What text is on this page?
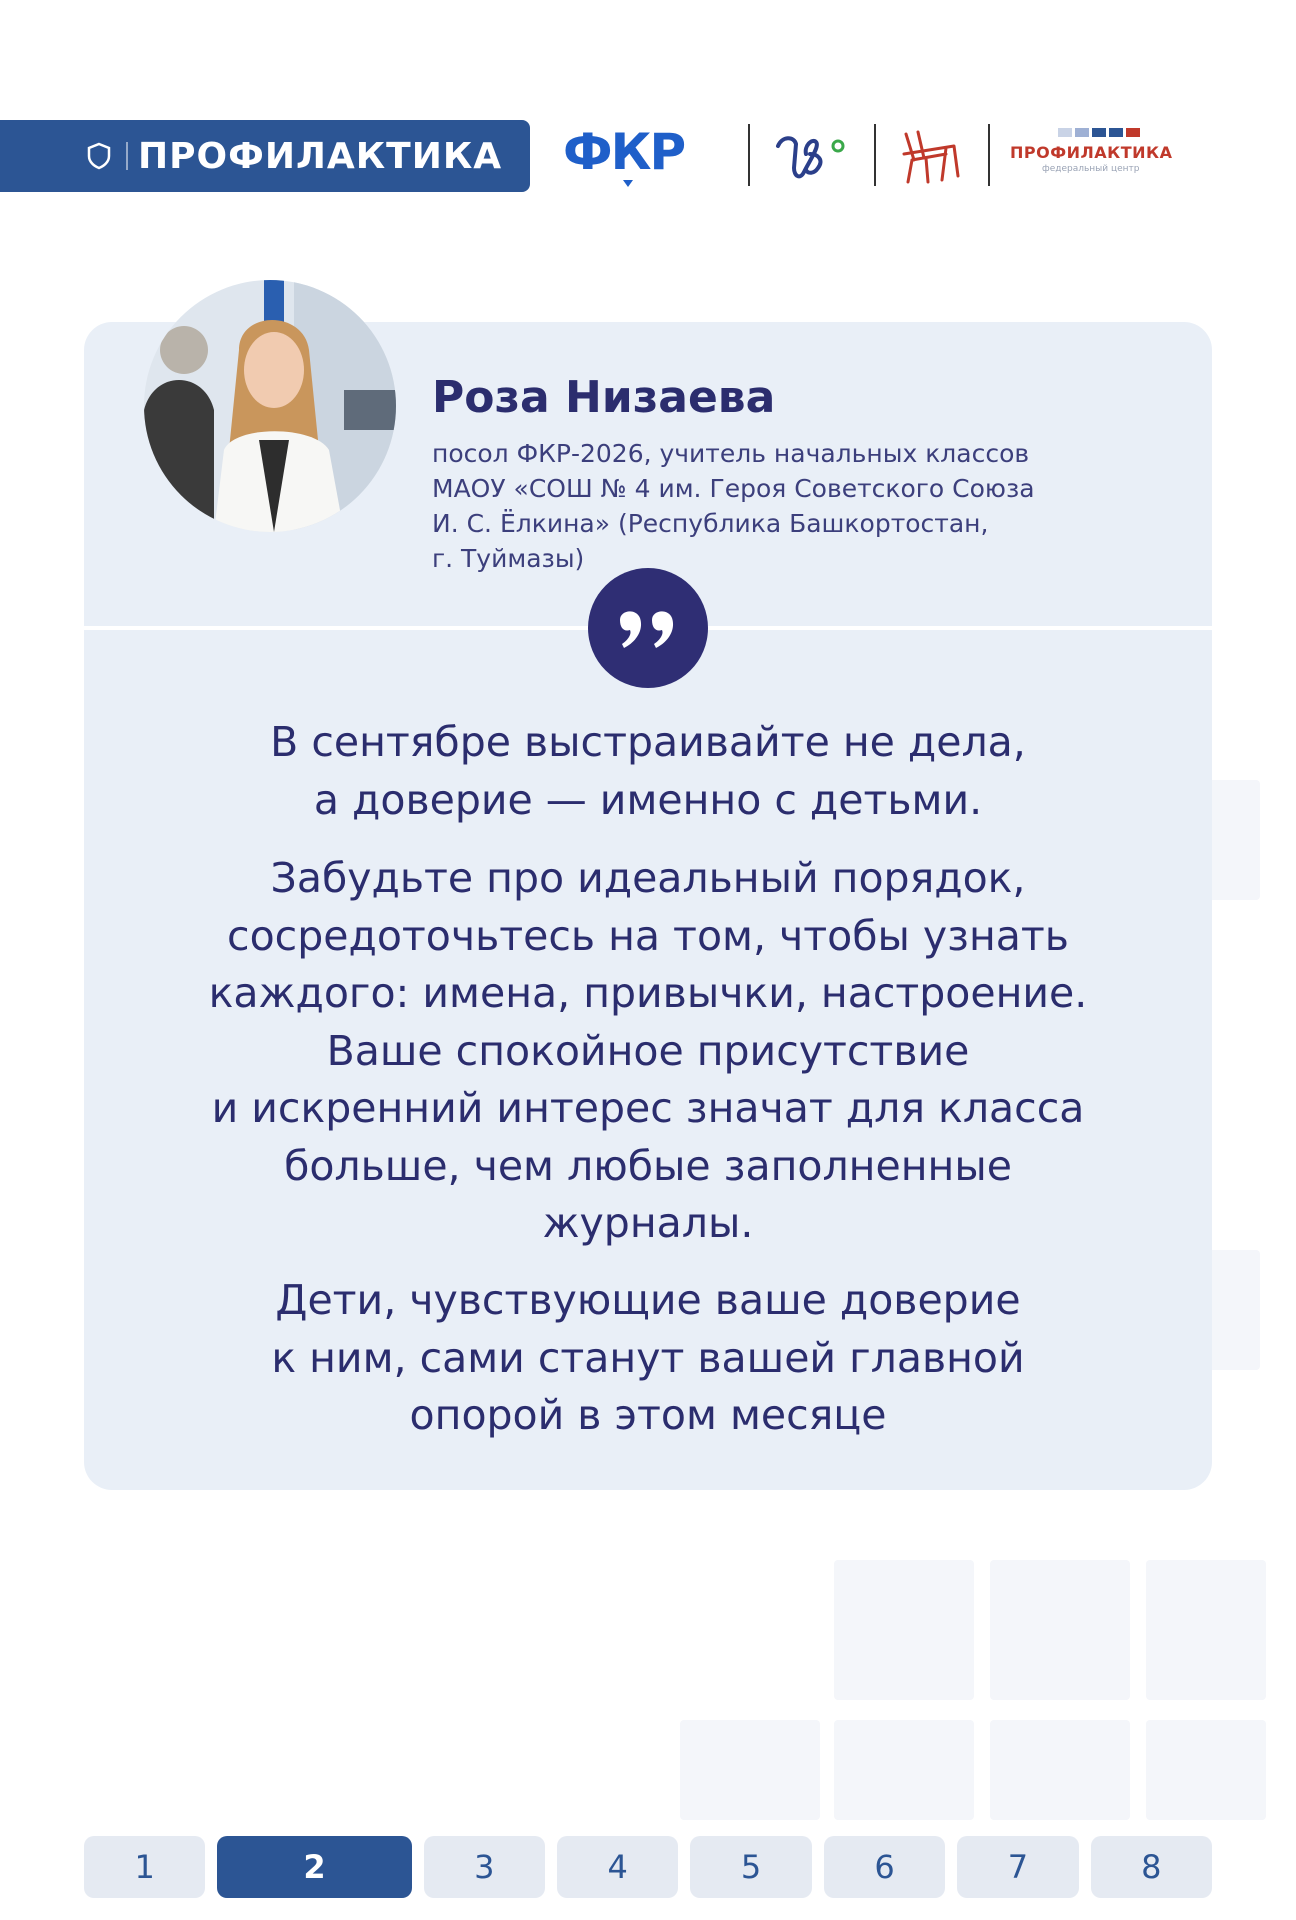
ПРОФИЛАКТИКА ФКР	ПРОФИЛАКТИКА
федеральный центр
Роза Низаева
посол ФКР-2026, учитель начальных классов
МАОУ «СОШ № 4 им. Героя Советского Союза
И. С. Ёлкина» (Республика Башкортостан,
г. Туймазы)
В сентябре выстраивайте не дела,
а доверие — именно с детьми.
Забудьте про идеальный порядок,
сосредоточьтесь на том, чтобы узнать
каждого: имена, привычки, настроение.
Ваше спокойное присутствие
и искренний интерес значат для класса
больше, чем любые заполненные
журналы.
Дети, чувствующие ваше доверие
к ним, сами станут вашей главной
опорой в этом месяце
1	2	3	4	5	6	7	8
